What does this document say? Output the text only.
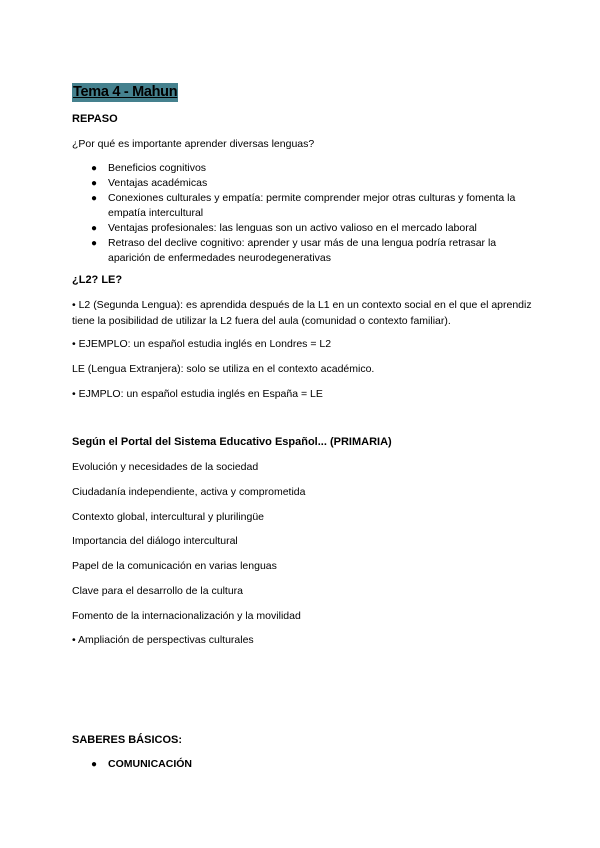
Tema 4 - Mahun
REPASO
¿Por qué es importante aprender diversas lenguas?
● Beneficios cognitivos
● Ventajas académicas
● Conexiones culturales y empatía: permite comprender mejor otras culturas y fomenta la empatía intercultural
● Ventajas profesionales: las lenguas son un activo valioso en el mercado laboral
● Retraso del declive cognitivo: aprender y usar más de una lengua podría retrasar la aparición de enfermedades neurodegenerativas
¿L2? LE?
• L2 (Segunda Lengua): es aprendida después de la L1 en un contexto social en el que el aprendiz tiene la posibilidad de utilizar la L2 fuera del aula (comunidad o contexto familiar).
• EJEMPLO: un español estudia inglés en Londres = L2
LE (Lengua Extranjera): solo se utiliza en el contexto académico.
• EJMPLO: un español estudia inglés en España = LE
Según el Portal del Sistema Educativo Español... (PRIMARIA)
Evolución y necesidades de la sociedad
Ciudadanía independiente, activa y comprometida
Contexto global, intercultural y plurilingüe
Importancia del diálogo intercultural
Papel de la comunicación en varias lenguas
Clave para el desarrollo de la cultura
Fomento de la internacionalización y la movilidad
• Ampliación de perspectivas culturales
SABERES BÁSICOS:
● COMUNICACIÓN
